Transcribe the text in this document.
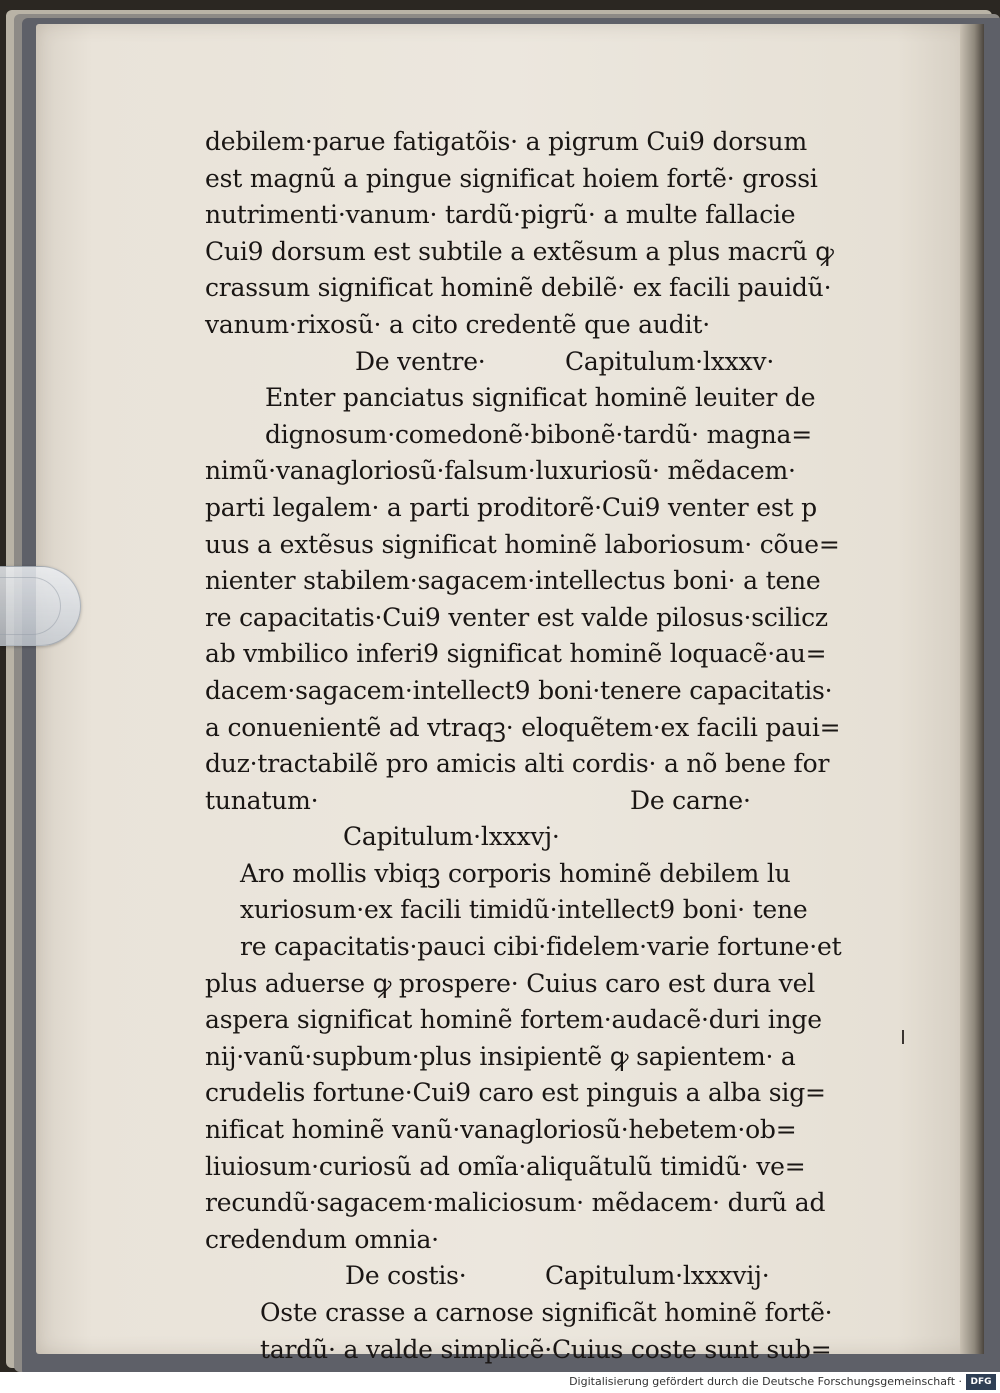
debilem·parue fatigatõis· a pigrum Cui9 dorsum
est magnũ a pingue significat hoiem fortẽ· grossi
nutrimenti·vanum· tardũ·pigrũ· a multe fallacie
Cui9 dorsum est subtile a extẽsum a plus macrũ ꝙ
crassum significat hominẽ debilẽ· ex facili pauidũ·
vanum·rixosũ· a cito credentẽ que audit·
De ventre·	Capitulum·lxxxv·
Enter panciatus significat hominẽ leuiter de
dignosum·comedonẽ·bibonẽ·tardũ· magna=
nimũ·vanagloriosũ·falsum·luxuriosũ· mẽdacem·
parti legalem· a parti proditorẽ·Cui9 venter est p
uus a extẽsus significat hominẽ laboriosum· cõue=
nienter stabilem·sagacem·intellectus boni· a tene
re capacitatis·Cui9 venter est valde pilosus·scilicz
ab vmbilico inferi9 significat hominẽ loquacẽ·au=
dacem·sagacem·intellect9 boni·tenere capacitatis·
a conuenientẽ ad vtraqꝫ· eloquẽtem·ex facili paui=
duz·tractabilẽ pro amicis alti cordis· a nõ bene for
tunatum·	De carne·
Capitulum·lxxxvj·
Aro mollis vbiqꝫ corporis hominẽ debilem lu
xuriosum·ex facili timidũ·intellect9 boni· tene
re capacitatis·pauci cibi·fidelem·varie fortune·et
plus aduerse ꝙ prospere· Cuius caro est dura vel
aspera significat hominẽ fortem·audacẽ·duri inge
nij·vanũ·supbum·plus insipientẽ ꝙ sapientem· a
crudelis fortune·Cui9 caro est pinguis a alba sig=
nificat hominẽ vanũ·vanagloriosũ·hebetem·ob=
liuiosum·curiosũ ad omĩa·aliquãtulũ timidũ· ve=
recundũ·sagacem·maliciosum· mẽdacem· durũ ad
credendum omnia·
De costis·	Capitulum·lxxxvij·
Oste crasse a carnose significãt hominẽ fortẽ·
tardũ· a valde simplicẽ·Cuius coste sunt sub=
Digitalisierung gefördert durch die Deutsche Forschungsgemeinschaft · DFG
